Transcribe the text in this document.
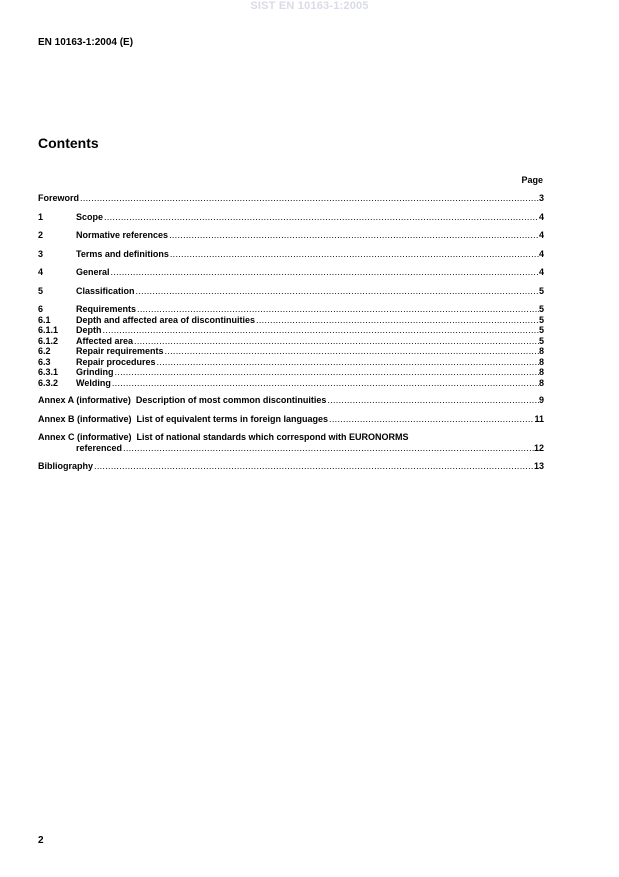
SIST EN 10163-1:2005
EN 10163-1:2004 (E)
Contents
Page
Foreword .....	3
1	Scope .....	4
2	Normative references .....	4
3	Terms and definitions .....	4
4	General .....	4
5	Classification .....	5
6	Requirements .....	5
6.1	Depth and affected area of discontinuities .....	5
6.1.1	Depth .....	5
6.1.2	Affected area .....	5
6.2	Repair requirements .....	8
6.3	Repair procedures .....	8
6.3.1	Grinding .....	8
6.3.2	Welding .....	8
Annex A (informative)  Description of most common discontinuities .....	9
Annex B (informative)  List of equivalent terms in foreign languages .....	11
Annex C (informative)  List of national standards which correspond with EURONORMS
referenced .....	12
Bibliography .....	13
2
